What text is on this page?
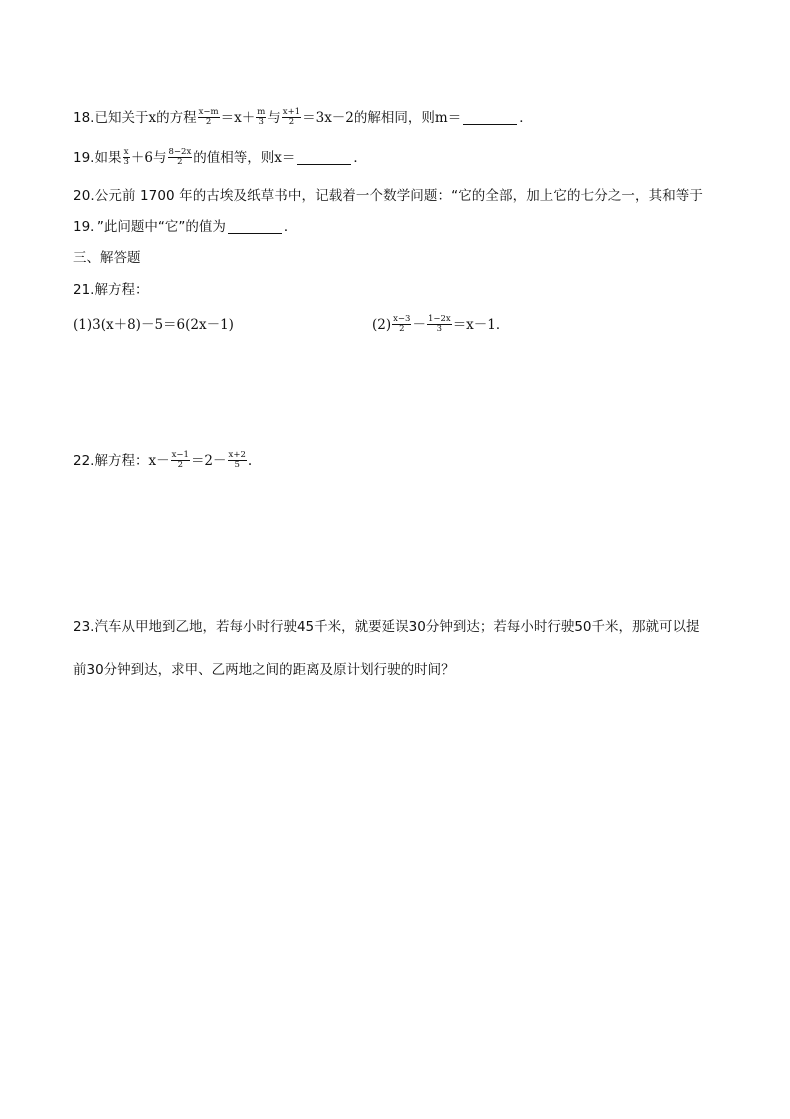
18.已知关于 x 的方程 $\frac{x-m}{2} =x+ \frac{m}{3}$ 与 $\frac{x+1}{2} =3x-2$ 的解相同，则 m＝	．
19.如果 $\frac{x}{3} +6$ 与 $\frac{8-2x}{2}$ 的值相等，则 x＝	．
20.公元前 1700 年的古埃及纸草书中，记载着一个数学问题：“它的全部，加上它的七分之一，其和等于
19．”此问题中“它”的值为	．
三、解答题
21.解方程：
(1)3(x＋8)－5＝6(2x－1)	$(2) \frac{x-3}{2} - \frac{1-2x}{3} =x-1$．
22.解方程： $x- \frac{x-1}{2} =2- \frac{x+2}{5}$ .
23.汽车从甲地到乙地，若每小时行驶45千米，就要延误30分钟到达；若每小时行驶50千米，那就可以提
前30分钟到达，求甲、乙两地之间的距离及原计划行驶的时间？
